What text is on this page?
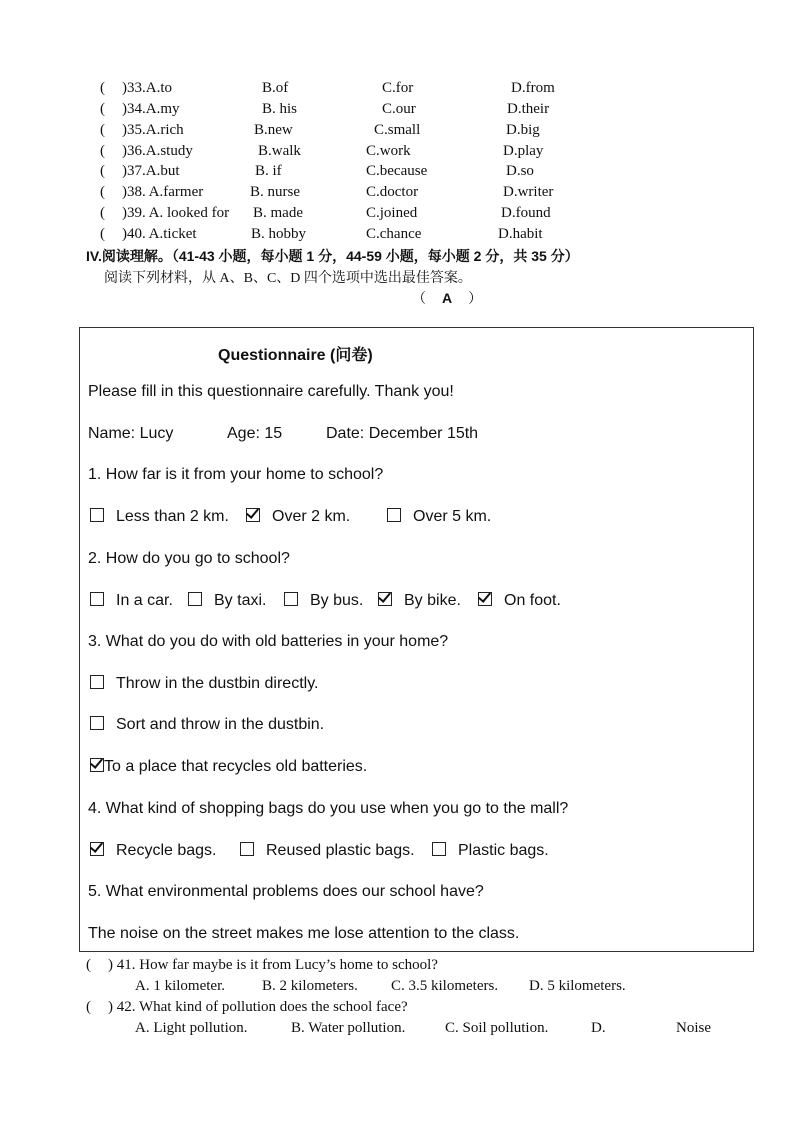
( )33.A.to	B.of	C.for	D.from
( )34.A.my	B. his	C.our	D.their
( )35.A.rich	B.new	C.small	D.big
( )36.A.study	B.walk	C.work	D.play
( )37.A.but	B. if	C.because	D.so
( )38. A.farmer	B. nurse	C.doctor	D.writer
( )39. A. looked for B. made	C.joined	D.found
( )40. A.ticket	B. hobby	C.chance	D.habit
IV.阅读理解。（41-43 小题，每小题 1 分，44-59 小题，每小题 2 分，共 35 分）
阅读下列材料，从 A、B、C、D 四个选项中选出最佳答案。
（ A ）
Questionnaire (问卷)
Please fill in this questionnaire carefully. Thank you!
Name: Lucy	Age: 15	Date: December 15th
1. How far is it from your home to school?
Less than 2 km.	Over 2 km.	Over 5 km.
2. How do you go to school?
In a car.	By taxi.	By bus.	By bike.	On foot.
3. What do you do with old batteries in your home?
Throw in the dustbin directly.
Sort and throw in the dustbin.
To a place that recycles old batteries.
4. What kind of shopping bags do you use when you go to the mall?
Recycle bags.	Reused plastic bags.	Plastic bags.
5. What environmental problems does our school have?
The noise on the street makes me lose attention to the class.
( ) 41. How far maybe is it from Lucy’s home to school?
A. 1 kilometer. B. 2 kilometers. C. 3.5 kilometers. D. 5 kilometers.
( ) 42. What kind of pollution does the school face?
A. Light pollution.	B. Water pollution.	C. Soil pollution.	D.	Noise
